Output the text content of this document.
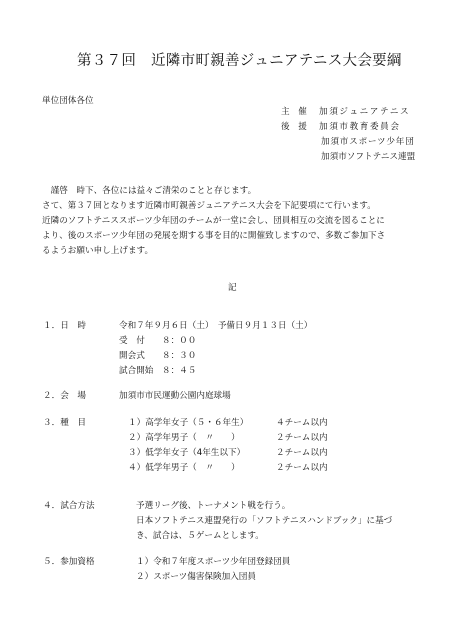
第３７回　近隣市町親善ジュニアテニス大会要綱
単位団体各位
主　催 加須ジュニアテニス
後　援 加須市教育委員会
加須市スポーツ少年団
加須市ソフトテニス連盟
　謹啓　時下、各位には益々ご清栄のことと存じます。
さて、第３７回となります近隣市町親善ジュニアテニス大会を下記要項にて行います。
近隣のソフトテニススポーツ少年団のチームが一堂に会し、団員相互の交流を図ることに
より、後のスポーツ少年団の発展を期する事を目的に開催致しますので、多数ご参加下さ
るようお願い申し上げます。
記
１．日　時	令和７年９月６日（土）　予備日９月１３日（土）
受　付　　８：００
開会式　　８：３０
試合開始　８：４５
２．会　場	加須市市民運動公園内庭球場
３．種　目	１）高学年女子（５・６年生）	４チーム以内
２）高学年男子（　〃　　）	２チーム以内
３）低学年女子（4年生以下）	２チーム以内
４）低学年男子（　〃　　）	２チーム以内
４．試合方法	予選リーグ後、トーナメント戦を行う。
日本ソフトテニス連盟発行の「ソフトテニスハンドブック」に基づ
き、試合は、５ゲームとします。
５．参加資格	１）令和７年度スポーツ少年団登録団員
２）スポーツ傷害保険加入団員
